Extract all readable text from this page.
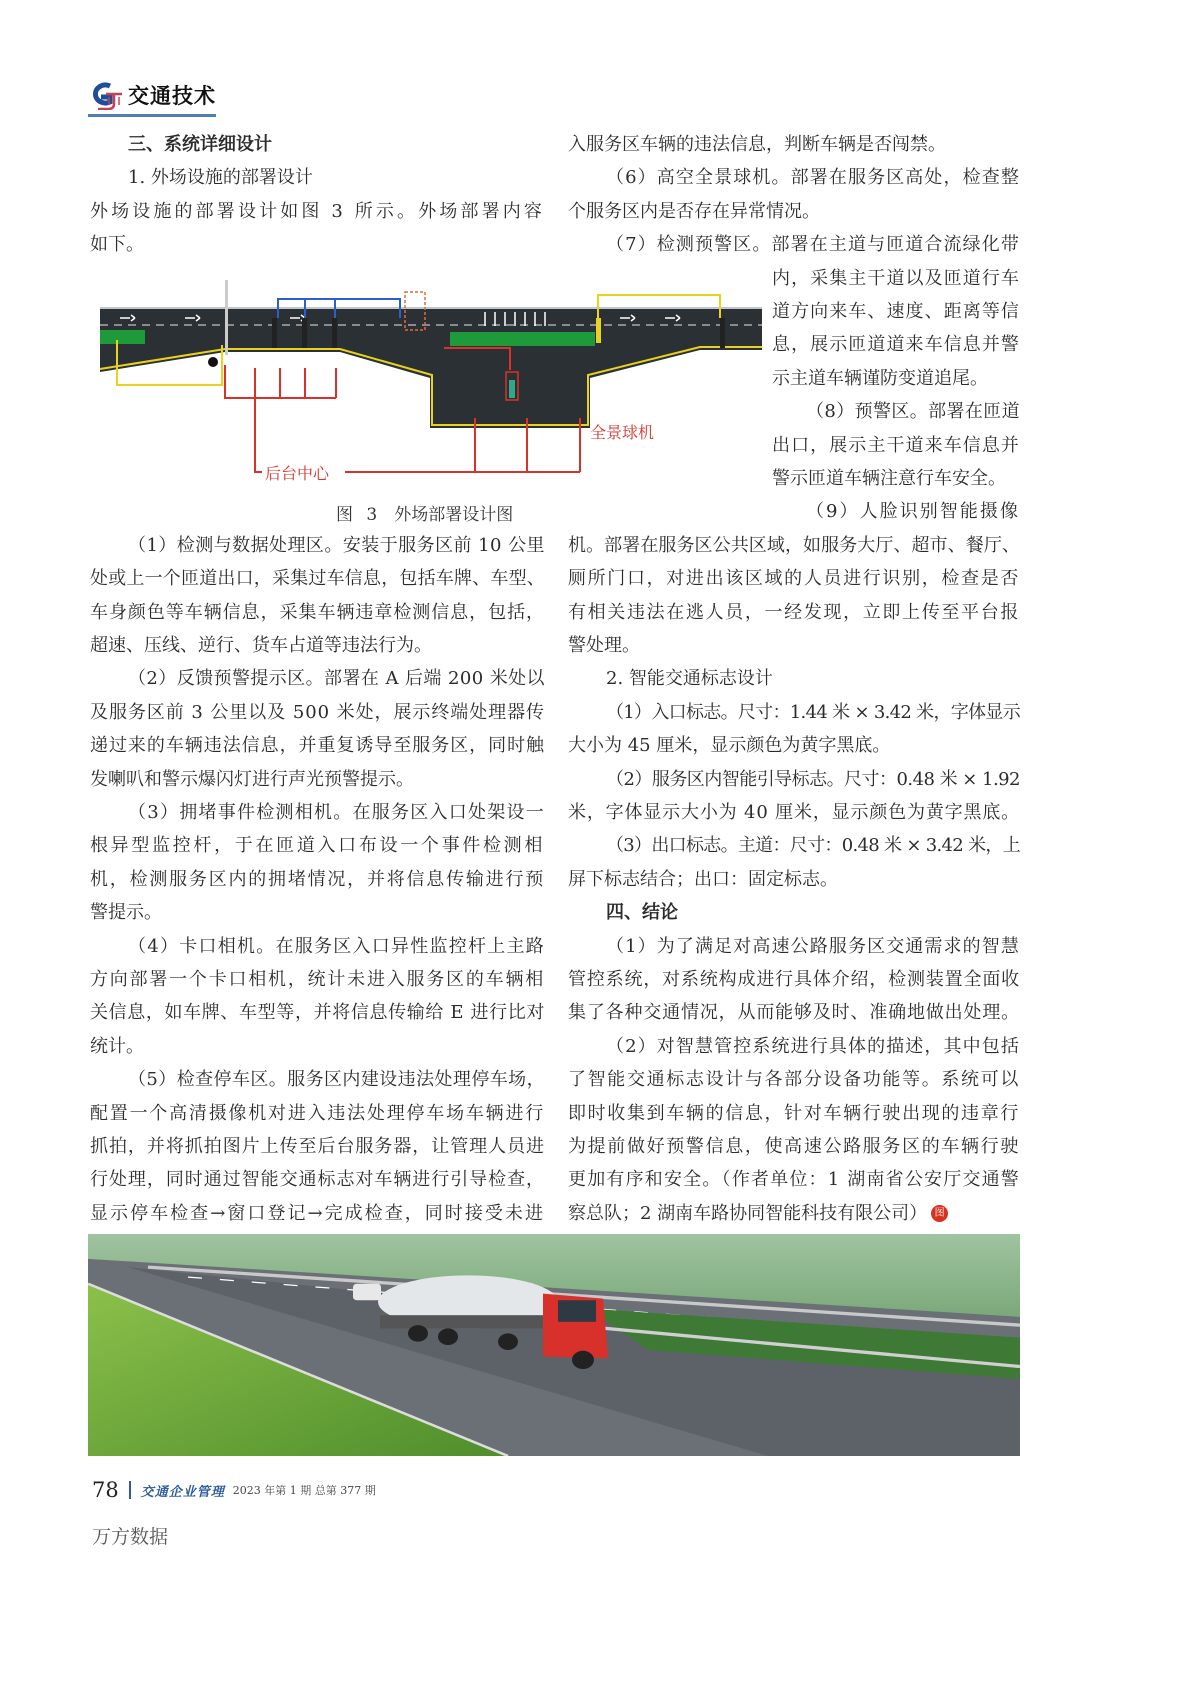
交通技术
三、系统详细设计
1. 外场设施的部署设计
外场设施的部署设计如图 3 所示。外场部署内容
如下。
（1）检测与数据处理区。安装于服务区前 10 公里
处或上一个匝道出口，采集过车信息，包括车牌、车型、
车身颜色等车辆信息，采集车辆违章检测信息，包括，
超速、压线、逆行、货车占道等违法行为。
（2）反馈预警提示区。部署在 A 后端 200 米处以
及服务区前 3 公里以及 500 米处，展示终端处理器传
递过来的车辆违法信息，并重复诱导至服务区，同时触
发喇叭和警示爆闪灯进行声光预警提示。
（3）拥堵事件检测相机。在服务区入口处架设一
根异型监控杆，于在匝道入口布设一个事件检测相
机，检测服务区内的拥堵情况，并将信息传输进行预
警提示。
（4）卡口相机。在服务区入口异性监控杆上主路
方向部署一个卡口相机，统计未进入服务区的车辆相
关信息，如车牌、车型等，并将信息传输给 E 进行比对
统计。
（5）检查停车区。服务区内建设违法处理停车场，
配置一个高清摄像机对进入违法处理停车场车辆进行
抓拍，并将抓拍图片上传至后台服务器，让管理人员进
行处理，同时通过智能交通标志对车辆进行引导检查，
显示停车检查→窗口登记→完成检查，同时接受未进
入服务区车辆的违法信息，判断车辆是否闯禁。
（6）高空全景球机。部署在服务区高处，检查整
个服务区内是否存在异常情况。
（7）检测预警区。部署在主道与匝道合流绿化带
内，采集主干道以及匝道行车
道方向来车、速度、距离等信
息，展示匝道道来车信息并警
示主道车辆谨防变道追尾。
（8）预警区。部署在匝道
出口，展示主干道来车信息并
警示匝道车辆注意行车安全。
（9）人脸识别智能摄像
机。部署在服务区公共区域，如服务大厅、超市、餐厅、
厕所门口，对进出该区域的人员进行识别，检查是否
有相关违法在逃人员，一经发现，立即上传至平台报
警处理。
2. 智能交通标志设计
（1）入口标志。尺寸：1.44 米 × 3.42 米，字体显示
大小为 45 厘米，显示颜色为黄字黑底。
（2）服务区内智能引导标志。尺寸：0.48 米 × 1.92
米，字体显示大小为 40 厘米，显示颜色为黄字黑底。
（3）出口标志。主道：尺寸：0.48 米 × 3.42 米，上
屏下标志结合；出口：固定标志。
四、结论
（1）为了满足对高速公路服务区交通需求的智慧
管控系统，对系统构成进行具体介绍，检测装置全面收
集了各种交通情况，从而能够及时、准确地做出处理。
（2）对智慧管控系统进行具体的描述，其中包括
了智能交通标志设计与各部分设备功能等。系统可以
即时收集到车辆的信息，针对车辆行驶出现的违章行
为提前做好预警信息，使高速公路服务区的车辆行驶
更加有序和安全。（作者单位：1 湖南省公安厅交通警
察总队；2 湖南车路协同智能科技有限公司） 图
后台中心
全景球机
图 3　外场部署设计图
78 交通企业管理 2023 年第 1 期 总第 377 期
万方数据
